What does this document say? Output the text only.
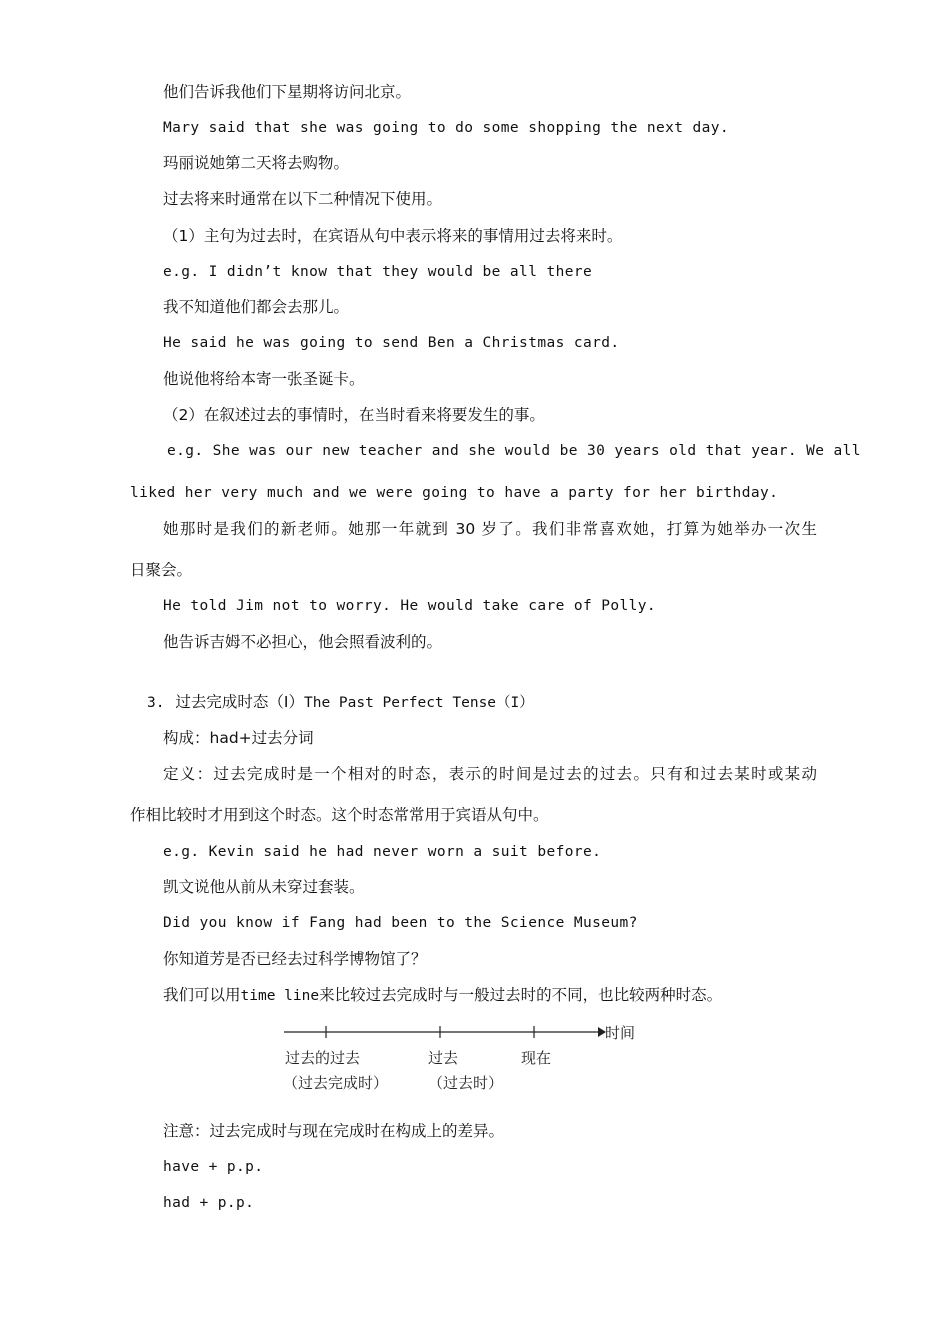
他们告诉我他们下星期将访问北京。
Mary said that she was going to do some shopping the next day.
玛丽说她第二天将去购物。
过去将来时通常在以下二种情况下使用。
（1）主句为过去时，在宾语从句中表示将来的事情用过去将来时。
e.g. I didn’t know that they would be all there
我不知道他们都会去那儿。
He said he was going to send Ben a Christmas card.
他说他将给本寄一张圣诞卡。
（2）在叙述过去的事情时，在当时看来将要发生的事。
e.g. She was our new teacher and she would be 30 years old that year. We all
liked her very much and we were going to have a party for her birthday.
她那时是我们的新老师。她那一年就到 30 岁了。我们非常喜欢她，打算为她举办一次生
日聚会。
He told Jim not to worry. He would take care of Polly.
他告诉吉姆不必担心，他会照看波利的。
3. 过去完成时态（I）The Past Perfect Tense（I）
构成：had+过去分词
定义：过去完成时是一个相对的时态，表示的时间是过去的过去。只有和过去某时或某动
作相比较时才用到这个时态。这个时态常常用于宾语从句中。
e.g. Kevin said he had never worn a suit before.
凯文说他从前从未穿过套装。
Did you know if Fang had been to the Science Museum?
你知道芳是否已经去过科学博物馆了？
我们可以用time line来比较过去完成时与一般过去时的不同，也比较两种时态。
时间
过去的过去	过去	现在
（过去完成时）	（过去时）
注意：过去完成时与现在完成时在构成上的差异。
have + p.p.
had + p.p.
